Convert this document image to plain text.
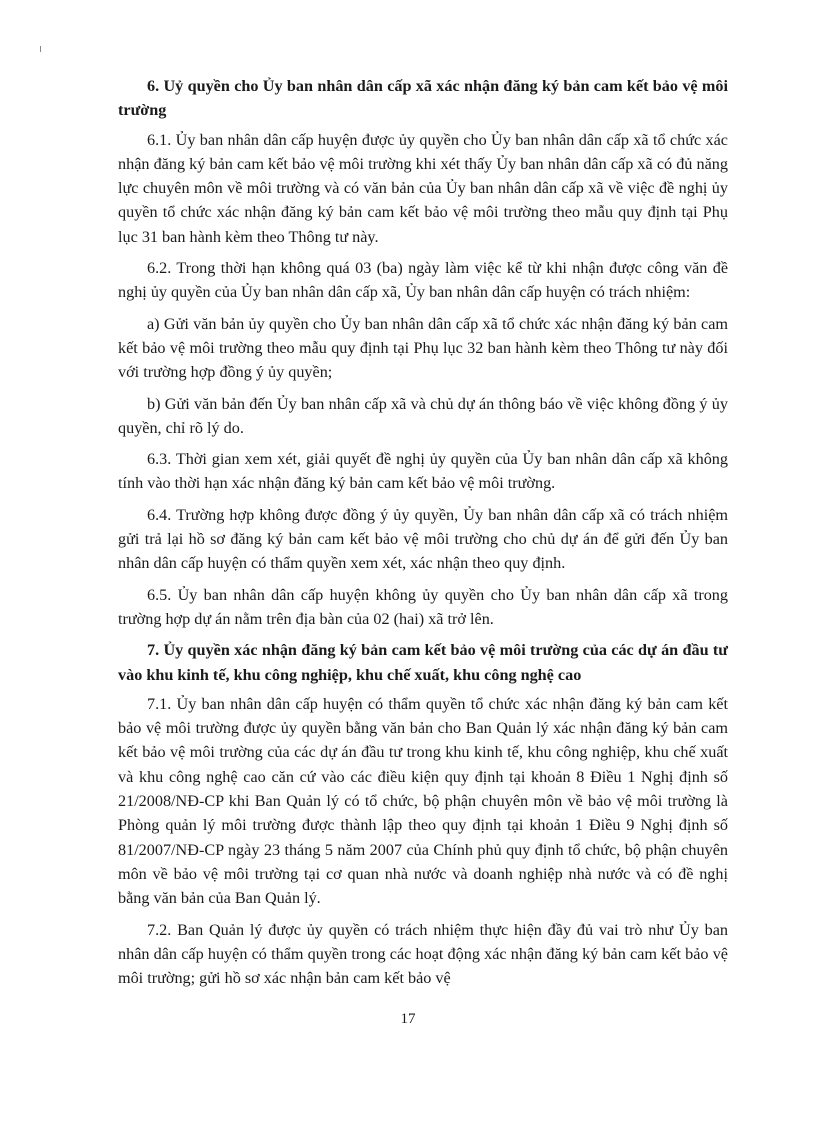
6. Uỷ quyền cho Ủy ban nhân dân cấp xã xác nhận đăng ký bản cam kết bảo vệ môi trường

6.1. Ủy ban nhân dân cấp huyện được ủy quyền cho Ủy ban nhân dân cấp xã tổ chức xác nhận đăng ký bản cam kết bảo vệ môi trường khi xét thấy Ủy ban nhân dân cấp xã có đủ năng lực chuyên môn về môi trường và có văn bản của Ủy ban nhân dân cấp xã về việc đề nghị ủy quyền tổ chức xác nhận đăng ký bản cam kết bảo vệ môi trường theo mẫu quy định tại Phụ lục 31 ban hành kèm theo Thông tư này.

6.2. Trong thời hạn không quá 03 (ba) ngày làm việc kể từ khi nhận được công văn đề nghị ủy quyền của Ủy ban nhân dân cấp xã, Ủy ban nhân dân cấp huyện có trách nhiệm:

a) Gửi văn bản ủy quyền cho Ủy ban nhân dân cấp xã tổ chức xác nhận đăng ký bản cam kết bảo vệ môi trường theo mẫu quy định tại Phụ lục 32 ban hành kèm theo Thông tư này đối với trường hợp đồng ý ủy quyền;

b) Gửi văn bản đến Ủy ban nhân cấp xã và chủ dự án thông báo về việc không đồng ý ủy quyền, chỉ rõ lý do.

6.3. Thời gian xem xét, giải quyết đề nghị ủy quyền của Ủy ban nhân dân cấp xã không tính vào thời hạn xác nhận đăng ký bản cam kết bảo vệ môi trường.

6.4. Trường hợp không được đồng ý ủy quyền, Ủy ban nhân dân cấp xã có trách nhiệm gửi trả lại hồ sơ đăng ký bản cam kết bảo vệ môi trường cho chủ dự án để gửi đến Ủy ban nhân dân cấp huyện có thẩm quyền xem xét, xác nhận theo quy định.

6.5. Ủy ban nhân dân cấp huyện không ủy quyền cho Ủy ban nhân dân cấp xã trong trường hợp dự án nằm trên địa bàn của 02 (hai) xã trở lên.

7. Ủy quyền xác nhận đăng ký bản cam kết bảo vệ môi trường của các dự án đầu tư vào khu kinh tế, khu công nghiệp, khu chế xuất, khu công nghệ cao

7.1. Ủy ban nhân dân cấp huyện có thẩm quyền tổ chức xác nhận đăng ký bản cam kết bảo vệ môi trường được ủy quyền bằng văn bản cho Ban Quản lý xác nhận đăng ký bản cam kết bảo vệ môi trường của các dự án đầu tư trong khu kinh tế, khu công nghiệp, khu chế xuất và khu công nghệ cao căn cứ vào các điều kiện quy định tại khoản 8 Điều 1 Nghị định số 21/2008/NĐ-CP khi Ban Quản lý có tổ chức, bộ phận chuyên môn về bảo vệ môi trường là Phòng quản lý môi trường được thành lập theo quy định tại khoản 1 Điều 9 Nghị định số 81/2007/NĐ-CP ngày 23 tháng 5 năm 2007 của Chính phủ quy định tổ chức, bộ phận chuyên môn về bảo vệ môi trường tại cơ quan nhà nước và doanh nghiệp nhà nước và có đề nghị bằng văn bản của Ban Quản lý.

7.2. Ban Quản lý được ủy quyền có trách nhiệm thực hiện đầy đủ vai trò như Ủy ban nhân dân cấp huyện có thẩm quyền trong các hoạt động xác nhận đăng ký bản cam kết bảo vệ môi trường; gửi hồ sơ xác nhận bản cam kết bảo vệ

17
